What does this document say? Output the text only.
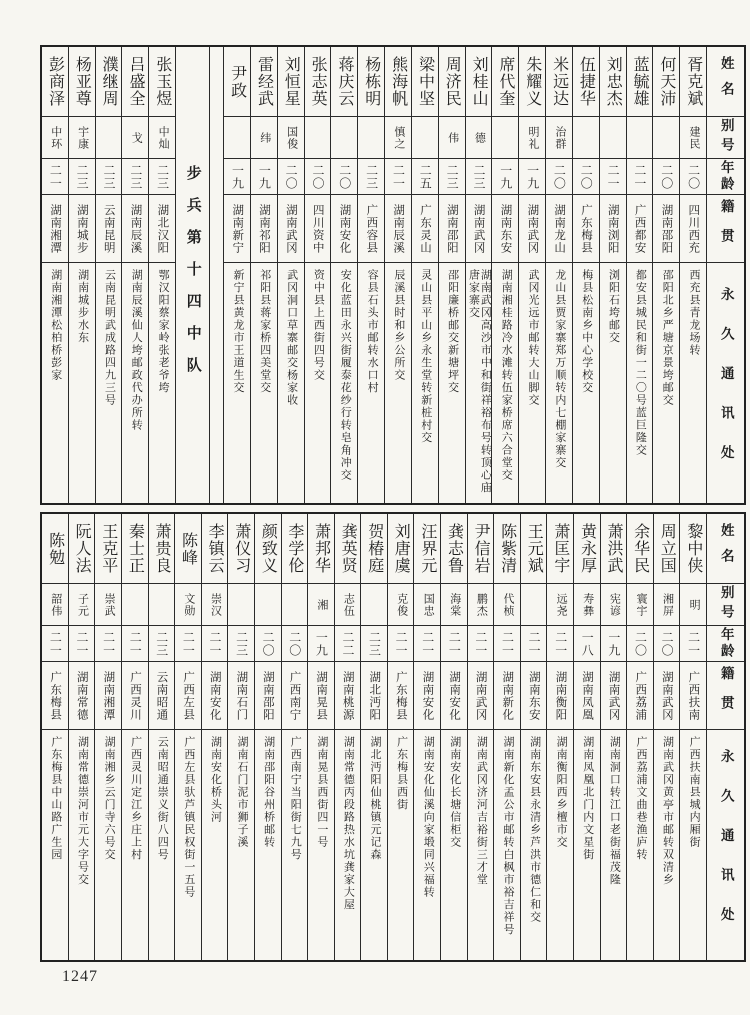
姓名
别号
年龄
籍贯
永久通讯处
胥克斌
建民
二〇
四川西充
西充县青龙场转
何天沛
二〇
湖南邵阳
邵阳北乡严塘京景垮邮交
蓝毓雄
二一
广西都安
都安县城民和街一二〇号蓝巨隆交
刘忠杰
二一
湖南浏阳
浏阳石垮邮交
伍捷华
二〇
广东梅县
梅县松南乡中心学校交
米远达
治群
二〇
湖南龙山
龙山县贾家寨郑万顺转内七棚家寨交
朱耀义
明礼
一九
湖南武冈
武冈光远市邮转大山脚交
席代奎
一九
湖南东安
湖南湘桂路冷水滩转伍家桥席六合堂交
刘桂山
德
二三
湖南武冈
湖南武冈高沙市中和街祥裕布号转顶心庙唐家寨交
周济民
伟
二三
湖南邵阳
邵阳廉桥邮交新塘坪交
梁中坚
二五
广东灵山
灵山县平山乡永生堂转新桩村交
熊海帆
慎之
二一
湖南辰溪
辰溪县时和乡公所交
杨栋明
二三
广西容县
容县石头市邮转水口村
蒋庆云
二〇
湖南安化
安化蓝田永兴街履泰花纱行转皂角冲交
张志英
二〇
四川资中
资中县上西街四号交
刘恒星
国俊
二〇
湖南武冈
武冈洞口草寨邮交杨家收
雷经武
纬
一九
湖南祁阳
祁阳县蒋家桥四美堂交
尹政
一九
湖南新宁
新宁县黄龙市王道生交
步兵第十四中队
张玉煜
中灿
二三
湖北汉阳
鄂汉阳蔡家岭张老爷垮
吕盛全
戈
二三
湖南辰溪
湖南辰溪仙人垮邮政代办所转
濮继周
二三
云南昆明
云南昆明武成路四九三号
杨亚尊
宇康
二三
湖南城步
湖南城步水东
彭商泽
中环
二一
湖南湘潭
湖南湘潭松柏桥彭家
姓名
别号
年龄
籍贯
永久通讯处
黎中侠
明
二一
广西扶南
广西扶南县城内厢街
周立国
湘屏
二〇
湖南武冈
湖南武冈黄亭市邮转双清乡
余华民
寰宇
二〇
广西荔浦
广西荔浦文曲巷渔庐转
萧洪武
宪谚
一九
湖南武冈
湖南洞口转江口老街福茂隆
黄永厚
寿彝
一八
湖南凤凰
湖南凤凰北门内文星街
萧匡宇
远尧
二一
湖南衡阳
湖南衡阳西乡檀市交
王元斌
二一
湖南东安
湖南东安县永清乡芦洪市德仁和交
陈紫清
代桢
二一
湖南新化
湖南新化孟公市邮转白枫市裕吉祥号
尹信岩
鹏杰
二一
湖南武冈
湖南武冈济河吉裕街三才堂
龚志鲁
海棠
二一
湖南安化
湖南安化长塘信柜交
汪界元
国忠
二一
湖南安化
湖南安化仙溪向家塅同兴福转
刘唐虞
克俊
二一
广东梅县
广东梅县西街
贺椿庭
二三
湖北沔阳
湖北沔阳仙桃镇元记森
龚英贤
志伍
二二
湖南桃源
湖南常德丙段路热水坑龚家大屋
萧邦华
湘
一九
湖南晃县
湖南晃县西街四一号
李学伦
二〇
广西南宁
广西南宁当阳街七九号
颜致义
二〇
湖南邵阳
湖南邵阳谷州桥邮转
萧仪习
二三
湖南石门
湖南石门泥市狮子溪
李镇云
崇汉
二一
湖南安化
湖南安化桥头河
陈峰
文勋
二一
广西左县
广西左县驮芦镇民权街一五号
萧贵良
二三
云南昭通
云南昭通崇义街八四号
秦士正
二一
广西灵川
广西灵川定江乡庄上村
王克平
崇武
二一
湖南湘潭
湖南湘乡云门寺六号交
阮人法
子元
二一
湖南常德
湖南常德崇河市元大字号交
陈勉
韶伟
二一
广东梅县
广东梅县中山路广生园
1247
